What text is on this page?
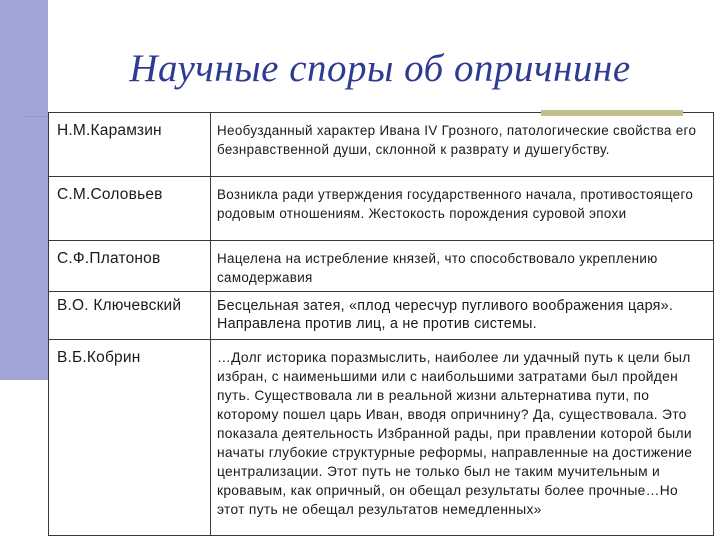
Научные споры об опричнине
Н.М.Карамзин	Необузданный характер Ивана IV Грозного, патологические свойства его безнравственной души, склонной к разврату и душегубству.
С.М.Соловьев	Возникла ради утверждения государственного начала, противостоящего родовым отношениям. Жестокость порождения суровой эпохи
С.Ф.Платонов	Нацелена на истребление князей, что способствовало укреплению самодержавия
В.О. Ключевский	Бесцельная затея, «плод чересчур пугливого воображения царя». Направлена против лиц, а не против системы.
В.Б.Кобрин	…Долг историка поразмыслить, наиболее ли удачный путь к цели был избран, с наименьшими или с наибольшими затратами был пройден путь. Существовала ли в реальной жизни альтернатива пути, по которому пошел царь Иван, вводя опричнину? Да, существовала. Это показала деятельность Избранной рады, при правлении которой были начаты глубокие структурные реформы, направленные на достижение централизации. Этот путь не только был не таким мучительным и кровавым, как опричный, он обещал результаты более прочные…Но этот путь не обещал результатов немедленных»
